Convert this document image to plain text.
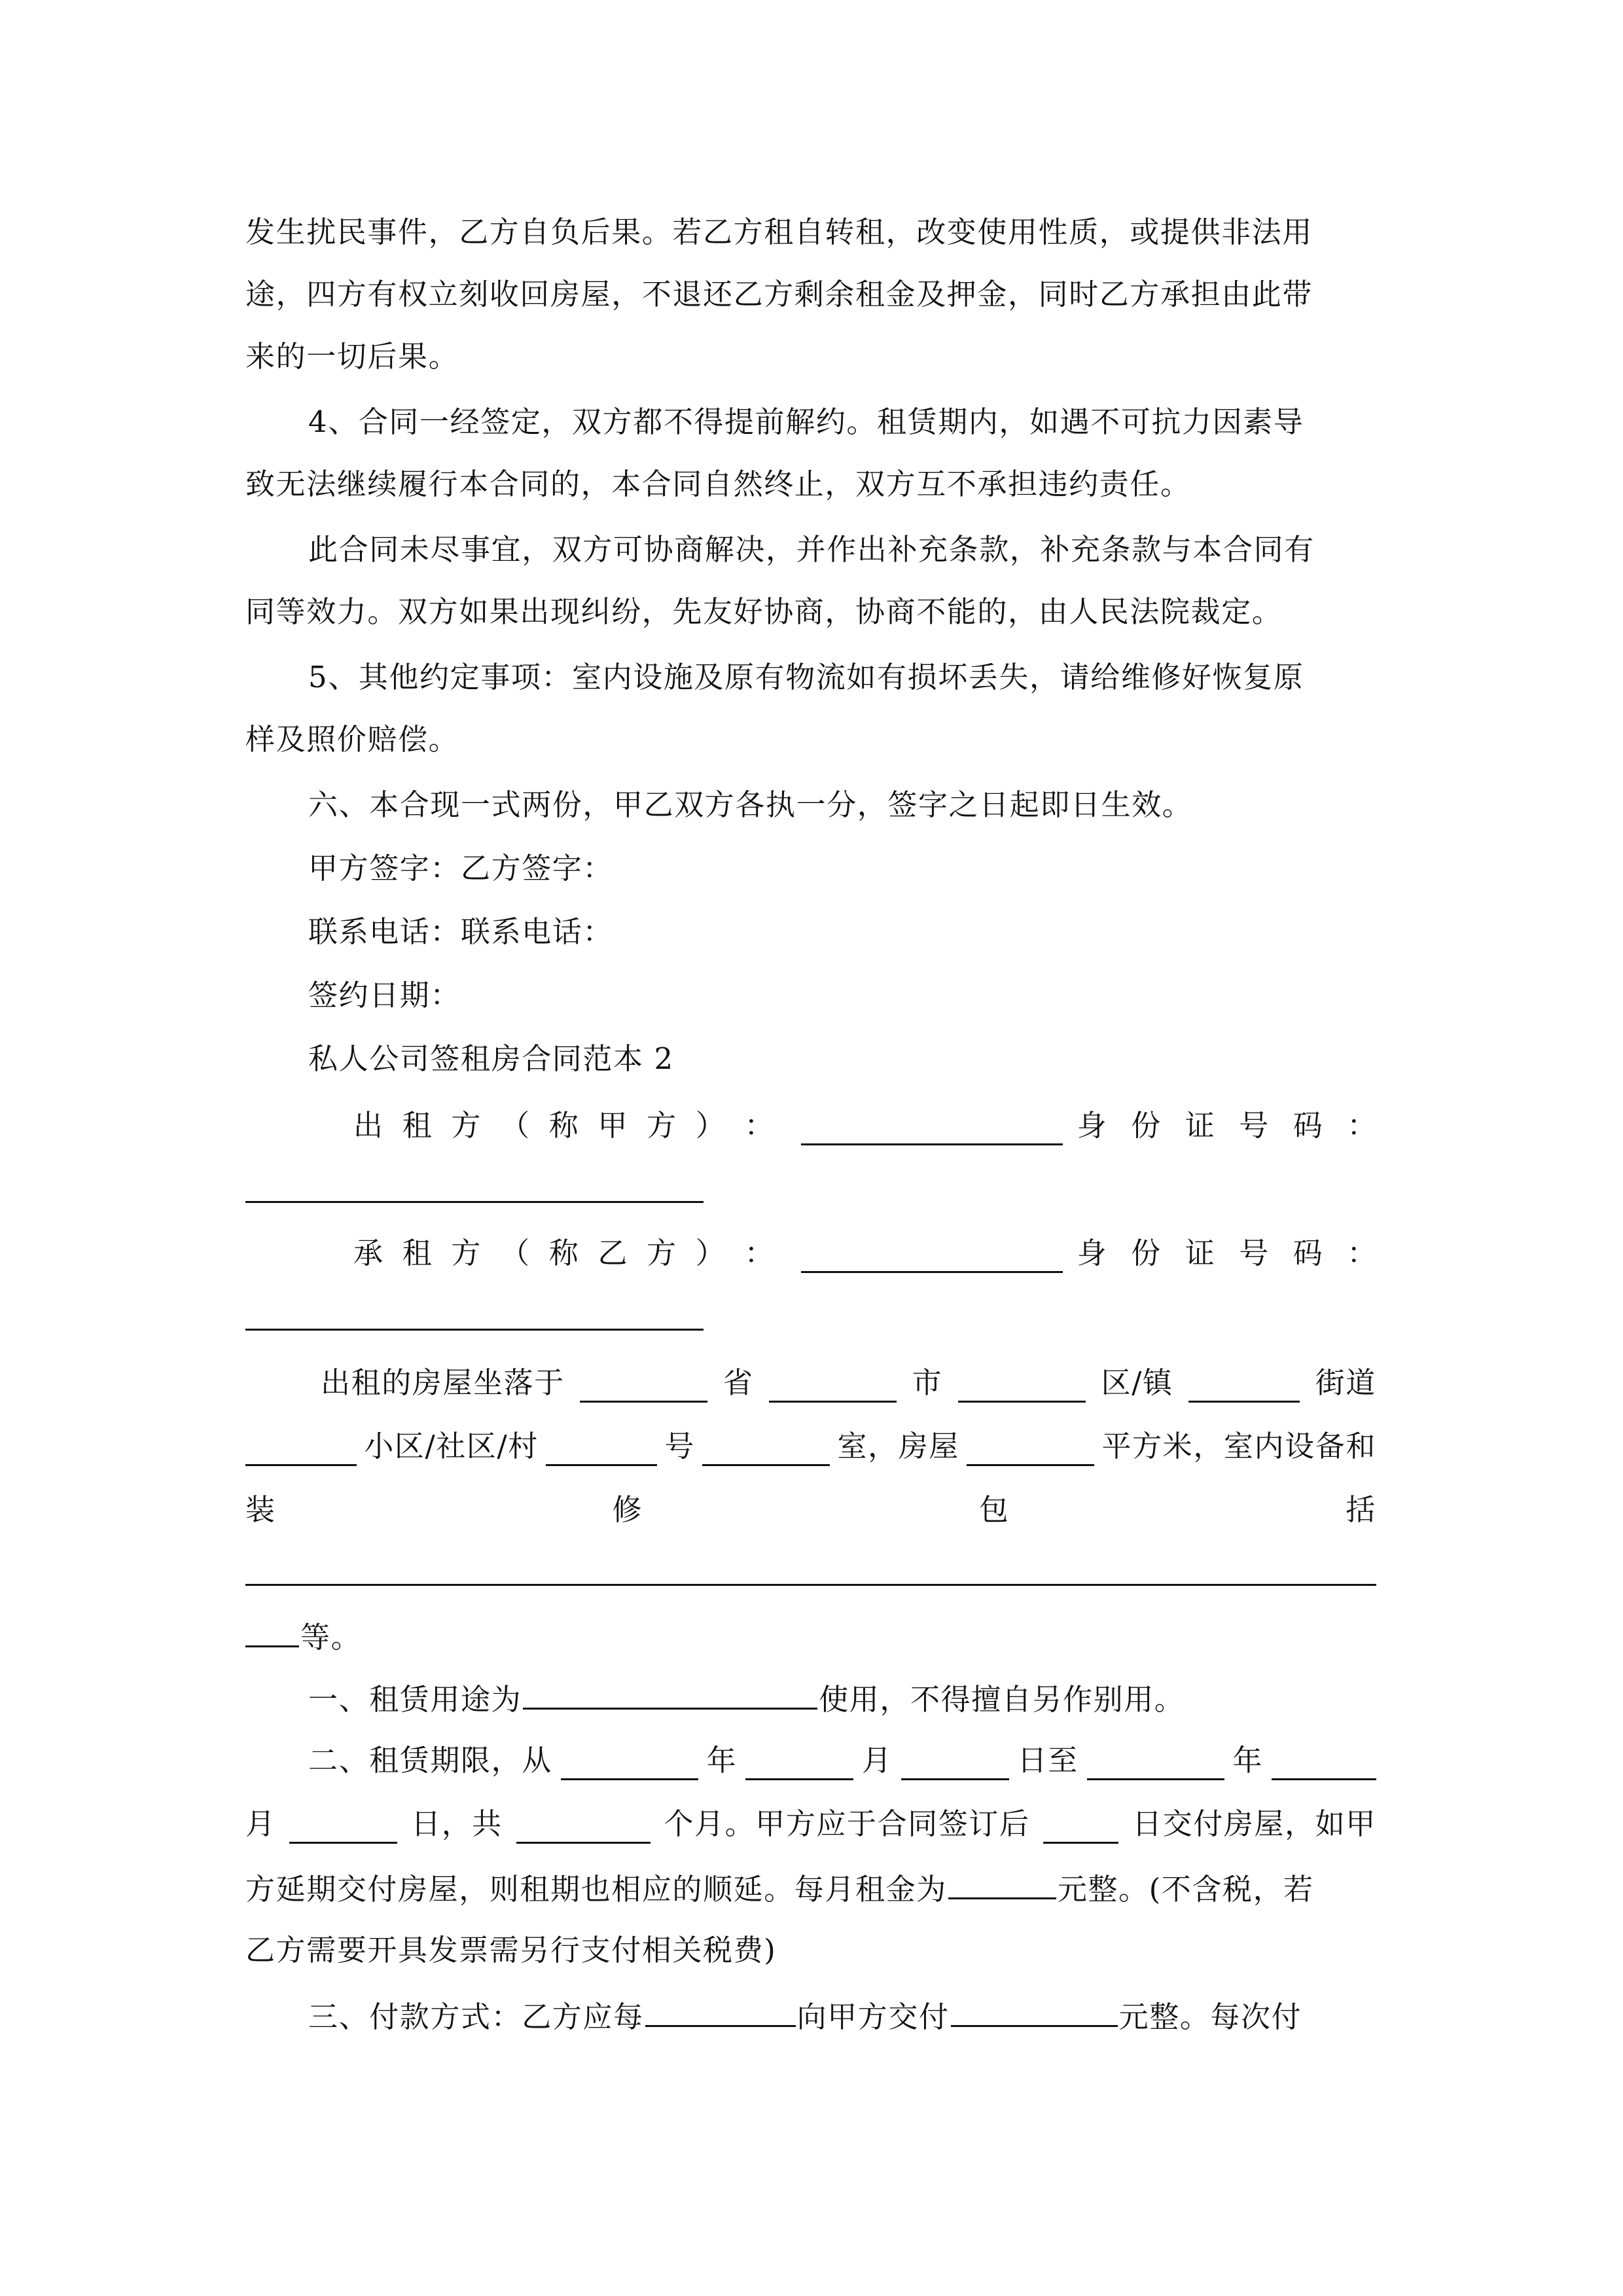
发生扰民事件，乙方自负后果。若乙方租自转租，改变使用性质，或提供非法用
途，四方有权立刻收回房屋，不退还乙方剩余租金及押金，同时乙方承担由此带
来的一切后果。
4、合同一经签定，双方都不得提前解约。租赁期内，如遇不可抗力因素导
致无法继续履行本合同的，本合同自然终止，双方互不承担违约责任。
此合同未尽事宜，双方可协商解决，并作出补充条款，补充条款与本合同有
同等效力。双方如果出现纠纷，先友好协商，协商不能的，由人民法院裁定。
5、其他约定事项：室内设施及原有物流如有损坏丢失，请给维修好恢复原
样及照价赔偿。
六、本合现一式两份，甲乙双方各执一分，签字之日起即日生效。
甲方签字：乙方签字：
联系电话：联系电话：
签约日期：
私人公司签租房合同范本 2
出 租 方 （ 称 甲 方 ） ：	身 份 证 号 码 ：
承 租 方 （ 称 乙 方 ） ：	身 份 证 号 码 ：
出租的房屋坐落于	省	市	区/镇	街道
小区/社区/村	号	室，房屋	平方米，室内设备和
装	修	包	括
等。
一、租赁用途为	使用，不得擅自另作别用。
二、租赁期限，从	年	月	日至	年
月	日，共	个月。甲方应于合同签订后	日交付房屋，如甲
方延期交付房屋，则租期也相应的顺延。每月租金为	元整。(不含税，若
乙方需要开具发票需另行支付相关税费)
三、付款方式：乙方应每	向甲方交付	元整。每次付
